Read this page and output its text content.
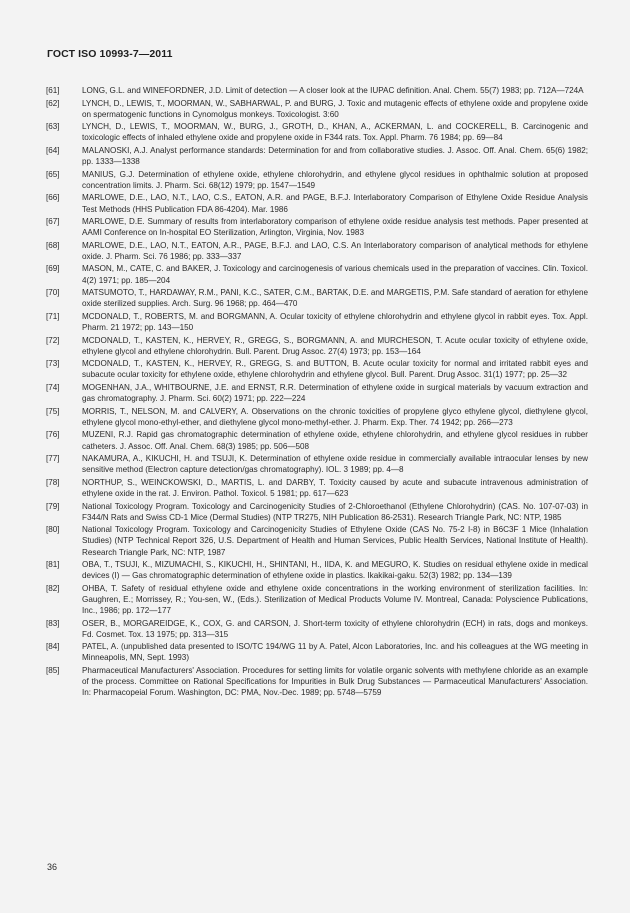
ГОСТ ISO 10993-7—2011
[61]	LONG, G.L. and WINEFORDNER, J.D. Limit of detection — A closer look at the IUPAC definition. Anal. Chem. 55(7) 1983; pp. 712A—724A
[62]	LYNCH, D., LEWIS, T., MOORMAN, W., SABHARWAL, P. and BURG, J. Toxic and mutagenic effects of ethylene oxide and propylene oxide on spermatogenic functions in Cynomolgus monkeys. Toxicologist. 3:60
[63]	LYNCH, D., LEWIS, T., MOORMAN, W., BURG, J., GROTH, D., KHAN, A., ACKERMAN, L. and COCKERELL, B. Carcinogenic and toxicologic effects of inhaled ethylene oxide and propylene oxide in F344 rats. Tox. Appl. Pharm. 76 1984; pp. 69—84
[64]	MALANOSKI, A.J. Analyst performance standards: Determination for and from collaborative studies. J. Assoc. Off. Anal. Chem. 65(6) 1982; pp. 1333—1338
[65]	MANIUS, G.J. Determination of ethylene oxide, ethylene chlorohydrin, and ethylene glycol residues in ophthalmic solution at proposed concentration limits. J. Pharm. Sci. 68(12) 1979; pp. 1547—1549
[66]	MARLOWE, D.E., LAO, N.T., LAO, C.S., EATON, A.R. and PAGE, B.F.J. Interlaboratory Comparison of Ethylene Oxide Residue Analysis Test Methods (HHS Publication FDA 86-4204). Mar. 1986
[67]	MARLOWE, D.E. Summary of results from interlaboratory comparison of ethylene oxide residue analysis test methods. Paper presented at AAMI Conference on In-hospital EO Sterilization, Arlington, Virginia, Nov. 1983
[68]	MARLOWE, D.E., LAO, N.T., EATON, A.R., PAGE, B.F.J. and LAO, C.S. An Interlaboratory comparison of analytical methods for ethylene oxide. J. Pharm. Sci. 76 1986; pp. 333—337
[69]	MASON, M., CATE, C. and BAKER, J. Toxicology and carcinogenesis of various chemicals used in the preparation of vaccines. Clin. Toxicol. 4(2) 1971; pp. 185—204
[70]	MATSUMOTO, T., HARDAWAY, R.M., PANI, K.C., SATER, C.M., BARTAK, D.E. and MARGETIS, P.M. Safe standard of aeration for ethylene oxide sterilized supplies. Arch. Surg. 96 1968; pp. 464—470
[71]	MCDONALD, T., ROBERTS, M. and BORGMANN, A. Ocular toxicity of ethylene chlorohydrin and ethylene glycol in rabbit eyes. Tox. Appl. Pharm. 21 1972; pp. 143—150
[72]	MCDONALD, T., KASTEN, K., HERVEY, R., GREGG, S., BORGMANN, A. and MURCHESON, T. Acute ocular toxicity of ethylene oxide, ethylene glycol and ethylene chlorohydrin. Bull. Parent. Drug Assoc. 27(4) 1973; pp. 153—164
[73]	MCDONALD, T., KASTEN, K., HERVEY, R., GREGG, S. and BUTTON, B. Acute ocular toxicity for normal and irritated rabbit eyes and subacute ocular toxicity for ethylene oxide, ethylene chlorohydrin and ethylene glycol. Bull. Parent. Drug Assoc. 31(1) 1977; pp. 25—32
[74]	MOGENHAN, J.A., WHITBOURNE, J.E. and ERNST, R.R. Determination of ethylene oxide in surgical materials by vacuum extraction and gas chromatography. J. Pharm. Sci. 60(2) 1971; pp. 222—224
[75]	MORRIS, T., NELSON, M. and CALVERY, A. Observations on the chronic toxicities of propylene glyco ethylene glycol, diethylene glycol, ethylene glycol mono-ethyl-ether, and diethylene glycol mono-methyl-ether. J. Pharm. Exp. Ther. 74 1942; pp. 266—273
[76]	MUZENI, R.J. Rapid gas chromatographic determination of ethylene oxide, ethylene chlorohydrin, and ethylene glycol residues in rubber catheters. J. Assoc. Off. Anal. Chem. 68(3) 1985; pp. 506—508
[77]	NAKAMURA, A., KIKUCHI, H. and TSUJI, K. Determination of ethylene oxide residue in commercially available intraocular lenses by new sensitive method (Electron capture detection/gas chromatography). IOL. 3 1989; pp. 4—8
[78]	NORTHUP, S., WEINCKOWSKI, D., MARTIS, L. and DARBY, T. Toxicity caused by acute and subacute intravenous administration of ethylene oxide in the rat. J. Environ. Pathol. Toxicol. 5 1981; pp. 617—623
[79]	National Toxicology Program. Toxicology and Carcinogenicity Studies of 2-Chloroethanol (Ethylene Chlorohydrin) (CAS. No. 107-07-03) in F344/N Rats and Swiss CD-1 Mice (Dermal Studies) (NTP TR275, NIH Publication 86-2531). Research Triangle Park, NC: NTP, 1985
[80]	National Toxicology Program. Toxicology and Carcinogenicity Studies of Ethylene Oxide (CAS No. 75-2 I-8) in B6C3F 1 Mice (Inhalation Studies) (NTP Technical Report 326, U.S. Department of Health and Human Services, Public Health Services, National Institute of Health). Research Triangle Park, NC: NTP, 1987
[81]	OBA, T., TSUJI, K., MIZUMACHI, S., KIKUCHI, H., SHINTANI, H., IIDA, K. and MEGURO, K. Studies on residual ethylene oxide in medical devices (I) — Gas chromatographic determination of ethylene oxide in plastics. Ikakikai-gaku. 52(3) 1982; pp. 134—139
[82]	OHBA, T. Safety of residual ethylene oxide and ethylene oxide concentrations in the working environment of sterilization facilities. In: Gaughren, E.; Morrissey, R.; You-sen, W., (Eds.). Sterilization of Medical Products Volume IV. Montreal, Canada: Polyscience Publications, Inc., 1986; pp. 172—177
[83]	OSER, B., MORGAREIDGE, K., COX, G. and CARSON, J. Short-term toxicity of ethylene chlorohydrin (ECH) in rats, dogs and monkeys. Fd. Cosmet. Tox. 13 1975; pp. 313—315
[84]	PATEL, A. (unpublished data presented to ISO/TC 194/WG 11 by A. Patel, Alcon Laboratories, Inc. and his colleagues at the WG meeting in Minneapolis, MN, Sept. 1993)
[85]	Pharmaceutical Manufacturers' Association. Procedures for setting limits for volatile organic solvents with methylene chloride as an example of the process. Committee on Rational Specifications for Impurities in Bulk Drug Substances — Parmaceutical Manufacturers' Association. In: Pharmacopeial Forum. Washington, DC: PMA, Nov.-Dec. 1989; pp. 5748—5759
36
